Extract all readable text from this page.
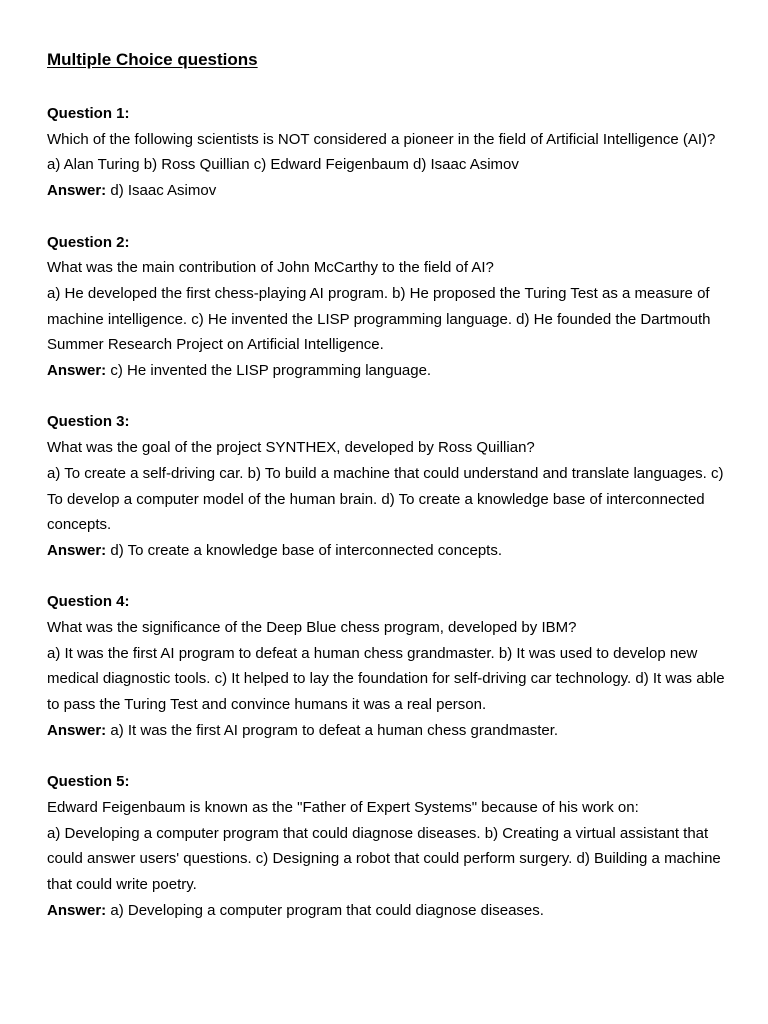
Multiple Choice questions

Question 1:

Which of the following scientists is NOT considered a pioneer in the field of Artificial Intelligence (AI)?

a) Alan Turing b) Ross Quillian c) Edward Feigenbaum d) Isaac Asimov

Answer: d) Isaac Asimov

Question 2:

What was the main contribution of John McCarthy to the field of AI?

a) He developed the first chess-playing AI program. b) He proposed the Turing Test as a measure of machine intelligence. c) He invented the LISP programming language. d) He founded the Dartmouth Summer Research Project on Artificial Intelligence.

Answer: c) He invented the LISP programming language.

Question 3:

What was the goal of the project SYNTHEX, developed by Ross Quillian?

a) To create a self-driving car. b) To build a machine that could understand and translate languages. c) To develop a computer model of the human brain. d) To create a knowledge base of interconnected concepts.

Answer: d) To create a knowledge base of interconnected concepts.

Question 4:

What was the significance of the Deep Blue chess program, developed by IBM?

a) It was the first AI program to defeat a human chess grandmaster. b) It was used to develop new medical diagnostic tools. c) It helped to lay the foundation for self-driving car technology. d) It was able to pass the Turing Test and convince humans it was a real person.

Answer: a) It was the first AI program to defeat a human chess grandmaster.

Question 5:

Edward Feigenbaum is known as the "Father of Expert Systems" because of his work on:

a) Developing a computer program that could diagnose diseases. b) Creating a virtual assistant that could answer users' questions. c) Designing a robot that could perform surgery. d) Building a machine that could write poetry.

Answer: a) Developing a computer program that could diagnose diseases.
